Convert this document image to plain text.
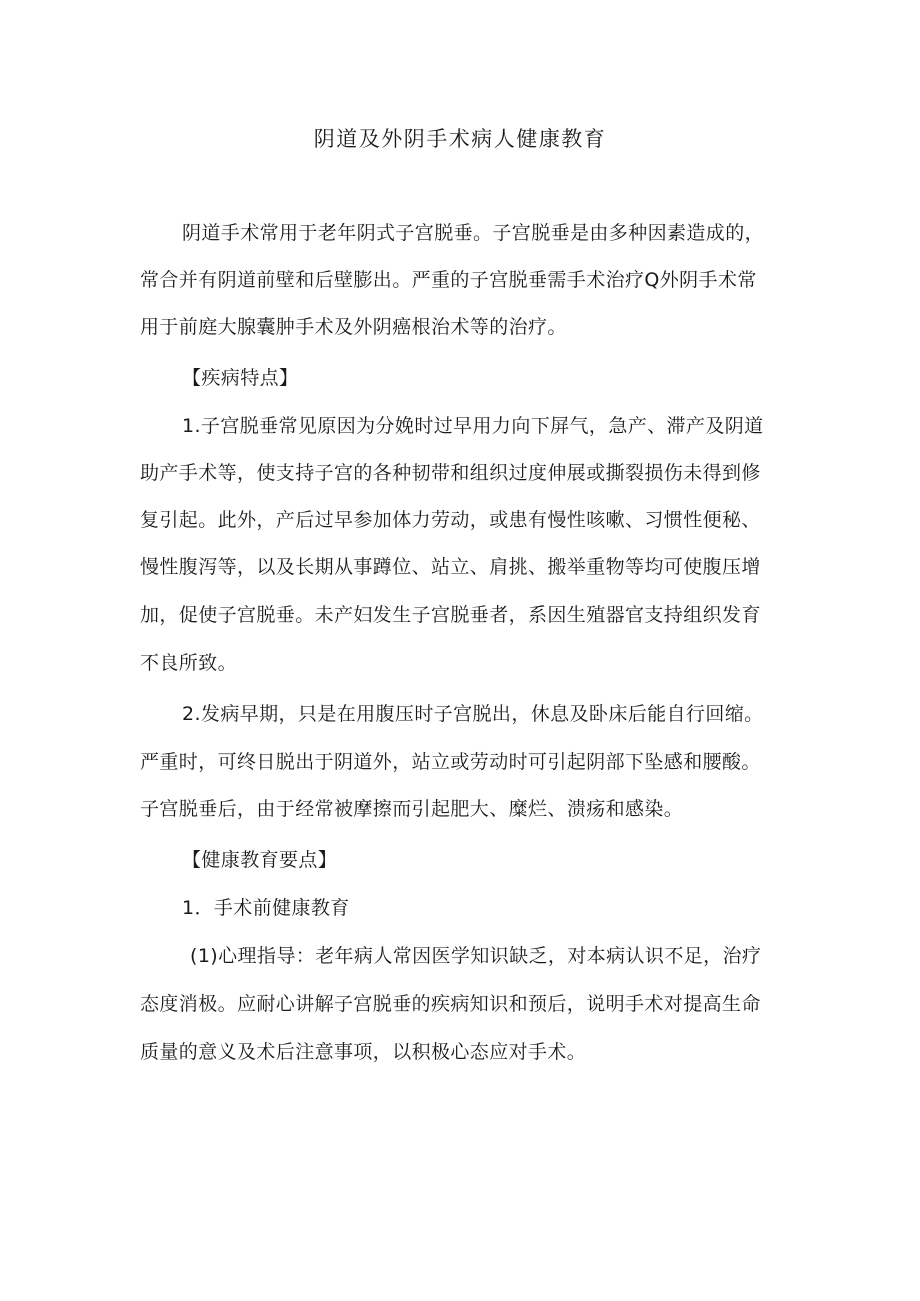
阴道及外阴手术病人健康教育

阴道手术常用于老年阴式子宫脱垂。子宫脱垂是由多种因素造成的，

常合并有阴道前壁和后壁膨出。严重的子宫脱垂需手术治疗Q外阴手术常

用于前庭大腺囊肿手术及外阴癌根治术等的治疗。

【疾病特点】

1.子宫脱垂常见原因为分娩时过早用力向下屏气，急产、滞产及阴道

助产手术等，使支持子宫的各种韧带和组织过度伸展或撕裂损伤未得到修

复引起。此外，产后过早参加体力劳动，或患有慢性咳嗽、习惯性便秘、

慢性腹泻等，以及长期从事蹲位、站立、肩挑、搬举重物等均可使腹压增

加，促使子宫脱垂。未产妇发生子宫脱垂者，系因生殖器官支持组织发育

不良所致。

2.发病早期，只是在用腹压时子宫脱出，休息及卧床后能自行回缩。

严重时，可终日脱出于阴道外，站立或劳动时可引起阴部下坠感和腰酸。

子宫脱垂后，由于经常被摩擦而引起肥大、糜烂、溃疡和感染。

【健康教育要点】

1．手术前健康教育

(1)心理指导：老年病人常因医学知识缺乏，对本病认识不足，治疗

态度消极。应耐心讲解子宫脱垂的疾病知识和预后，说明手术对提高生命

质量的意义及术后注意事项，以积极心态应对手术。
